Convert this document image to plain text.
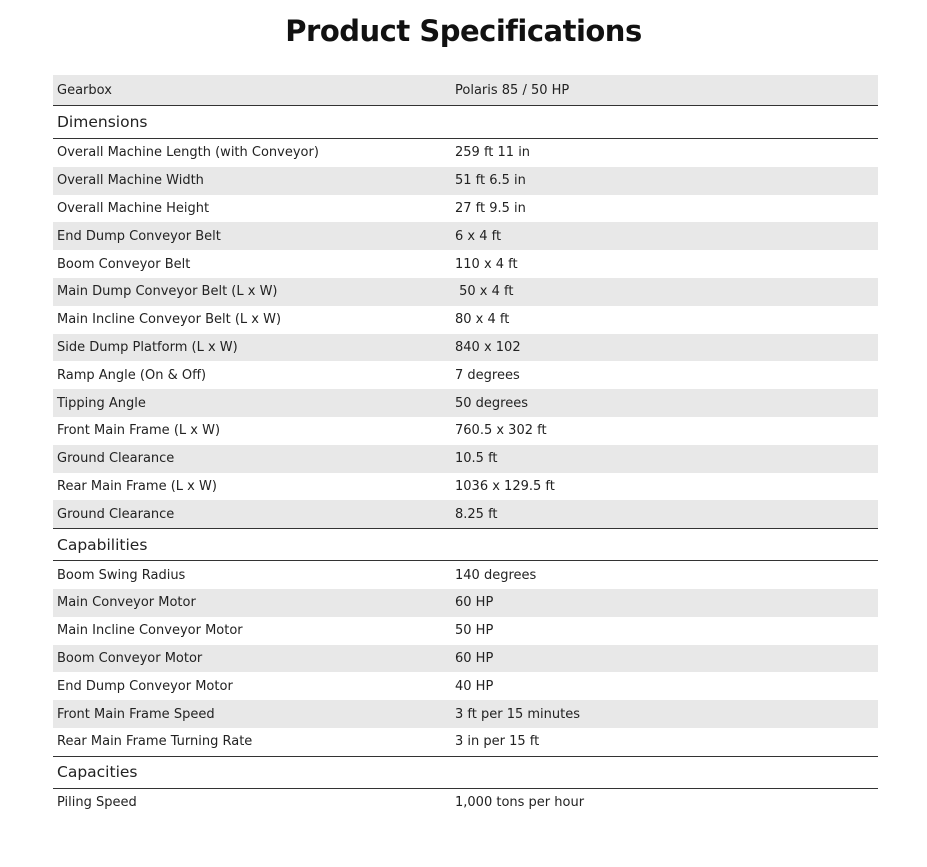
Product Specifications
Gearbox	Polaris 85 / 50 HP
Dimensions
Overall Machine Length (with Conveyor)	259 ft 11 in
Overall Machine Width	51 ft 6.5 in
Overall Machine Height	27 ft 9.5 in
End Dump Conveyor Belt	6 x 4 ft
Boom Conveyor Belt	110 x 4 ft
Main Dump Conveyor Belt (L x W)	50 x 4 ft
Main Incline Conveyor Belt (L x W)	80 x 4 ft
Side Dump Platform (L x W)	840 x 102
Ramp Angle (On & Off)	7 degrees
Tipping Angle	50 degrees
Front Main Frame (L x W)	760.5 x 302 ft
Ground Clearance	10.5 ft
Rear Main Frame (L x W)	1036 x 129.5 ft
Ground Clearance	8.25 ft
Capabilities
Boom Swing Radius	140 degrees
Main Conveyor Motor	60 HP
Main Incline Conveyor Motor	50 HP
Boom Conveyor Motor	60 HP
End Dump Conveyor Motor	40 HP
Front Main Frame Speed	3 ft per 15 minutes
Rear Main Frame Turning Rate	3 in per 15 ft
Capacities
Piling Speed	1,000 tons per hour
